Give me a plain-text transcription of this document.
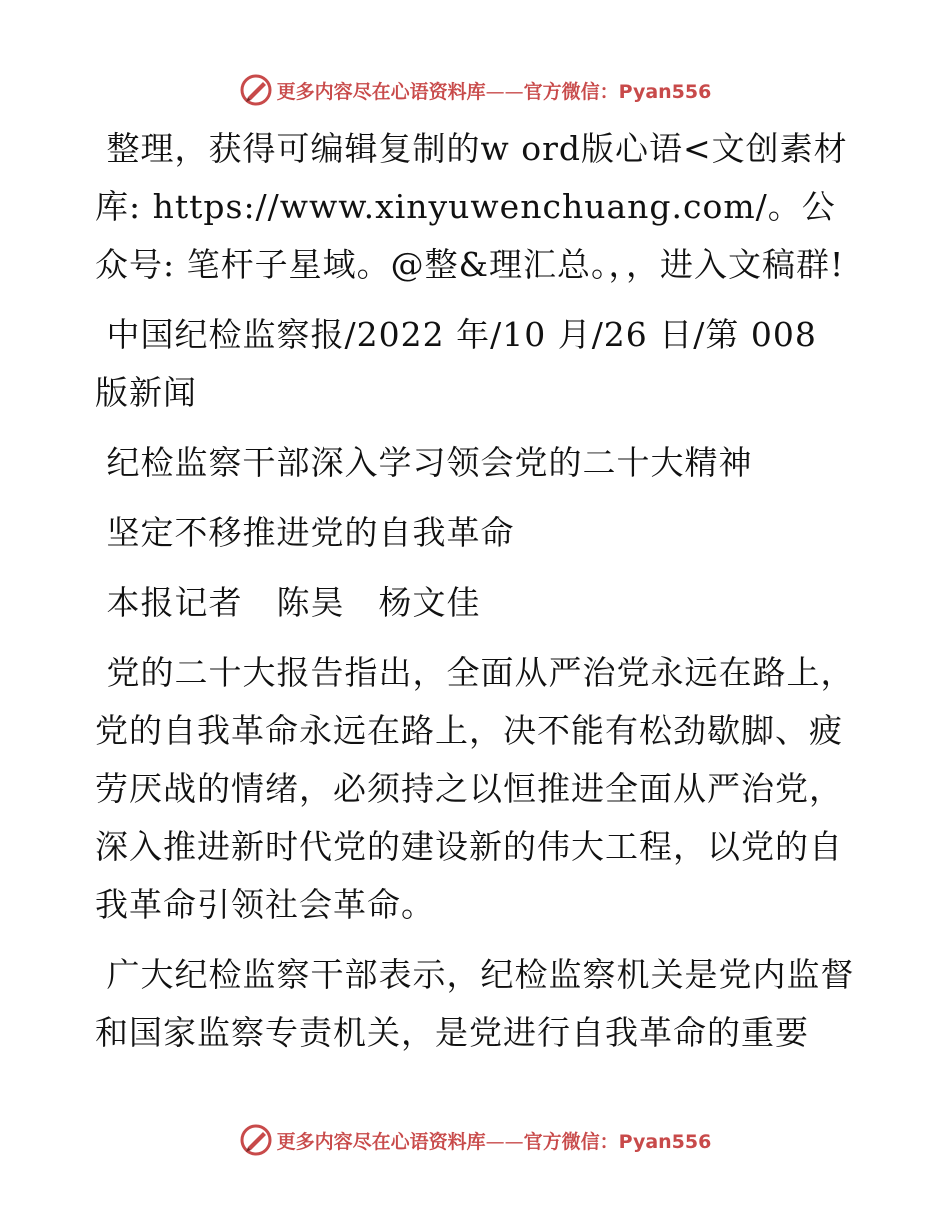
更多内容尽在心语资料库——官方微信：Pyan556

整理，获得可编辑复制的w ord版心语<文创素材库: https://www.xinyuwenchuang.com/。公众号: 笔杆子星域。@整&理汇总。，，进入文稿群!

中国纪检监察报/2022 年/10 月/26 日/第 008 版新闻

纪检监察干部深入学习领会党的二十大精神

坚定不移推进党的自我革命

本报记者　陈昊　杨文佳

党的二十大报告指出，全面从严治党永远在路上，党的自我革命永远在路上，决不能有松劲歇脚、疲劳厌战的情绪，必须持之以恒推进全面从严治党，深入推进新时代党的建设新的伟大工程，以党的自我革命引领社会革命。

广大纪检监察干部表示，纪检监察机关是党内监督和国家监察专责机关，是党进行自我革命的重要

更多内容尽在心语资料库——官方微信：Pyan556
